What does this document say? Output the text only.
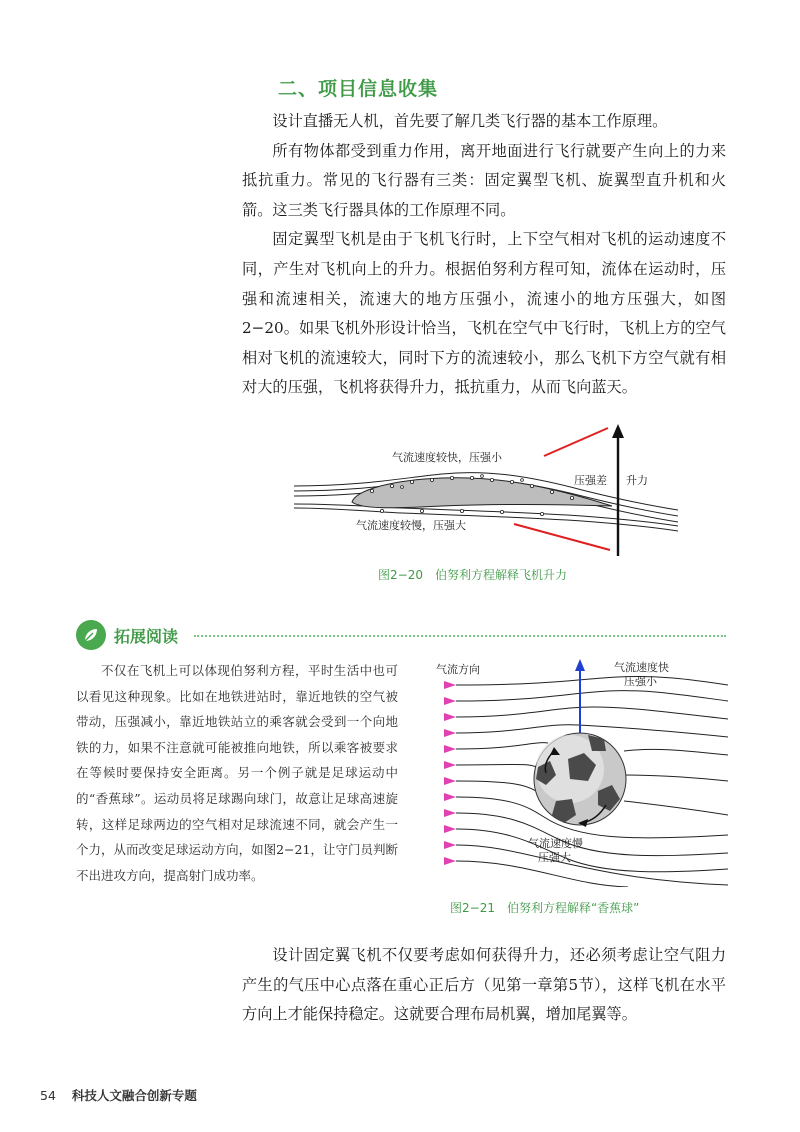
二、项目信息收集

设计直播无人机，首先要了解几类飞行器的基本工作原理。

所有物体都受到重力作用，离开地面进行飞行就要产生向上的力来抵抗重力。常见的飞行器有三类：固定翼型飞机、旋翼型直升机和火箭。这三类飞行器具体的工作原理不同。

固定翼型飞机是由于飞机飞行时，上下空气相对飞机的运动速度不同，产生对飞机向上的升力。根据伯努利方程可知，流体在运动时，压强和流速相关，流速大的地方压强小，流速小的地方压强大，如图2−20。如果飞机外形设计恰当，飞机在空气中飞行时，飞机上方的空气相对飞机的流速较大，同时下方的流速较小，那么飞机下方空气就有相对大的压强，飞机将获得升力，抵抗重力，从而飞向蓝天。

气流速度较快，压强小
气流速度较慢，压强大
压强差 升力

图2−20　伯努利方程解释飞机升力

拓展阅读

不仅在飞机上可以体现伯努利方程，平时生活中也可以看见这种现象。比如在地铁进站时，靠近地铁的空气被带动，压强减小，靠近地铁站立的乘客就会受到一个向地铁的力，如果不注意就可能被推向地铁，所以乘客被要求在等候时要保持安全距离。另一个例子就是足球运动中的“香蕉球”。运动员将足球踢向球门，故意让足球高速旋转，这样足球两边的空气相对足球流速不同，就会产生一个力，从而改变足球运动方向，如图2−21，让守门员判断不出进攻方向，提高射门成功率。

气流方向	气流速度快
压强小
气流速度慢
压强大

图2−21　伯努利方程解释“香蕉球”

设计固定翼飞机不仅要考虑如何获得升力，还必须考虑让空气阻力产生的气压中心点落在重心正后方（见第一章第5节），这样飞机在水平方向上才能保持稳定。这就要合理布局机翼，增加尾翼等。

54 科技人文融合创新专题
